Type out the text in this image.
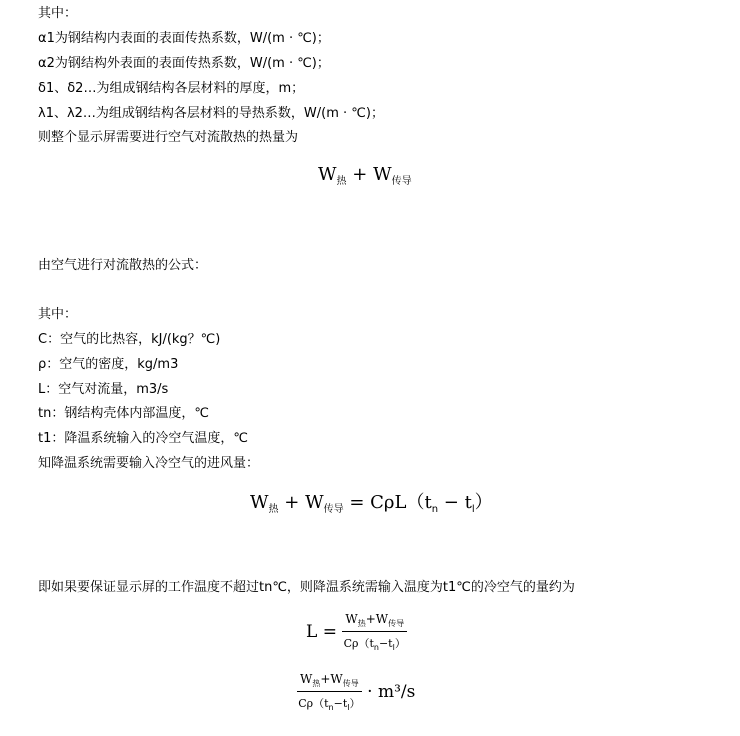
其中：
α1为钢结构内表面的表面传热系数，W/(m · ℃)；
α2为钢结构外表面的表面传热系数，W/(m · ℃)；
δ1、δ2…为组成钢结构各层材料的厚度，m；
λ1、λ2…为组成钢结构各层材料的导热系数，W/(m · ℃)；
则整个显示屏需要进行空气对流散热的热量为
$W_热 + W_{传导}$
由空气进行对流散热的公式：
其中：
C：空气的比热容，kJ/(kg？℃)
ρ：空气的密度，kg/m3
L：空气对流量，m3/s
tn：钢结构壳体内部温度，℃
t1：降温系统输入的冷空气温度，℃
知降温系统需要输入冷空气的进风量：
$W_热 + W_{传导} = C\rho L(t_n - t_l)$
即如果要保证显示屏的工作温度不超过tn℃，则降温系统需输入温度为t1℃的冷空气的量约为
$L = \frac{W_热+W_{传导}}{C\rho(t_n-t_l)}$
$\frac{W_热+W_{传导}}{C\rho(t_n-t_l)} \cdot m^3/s$
